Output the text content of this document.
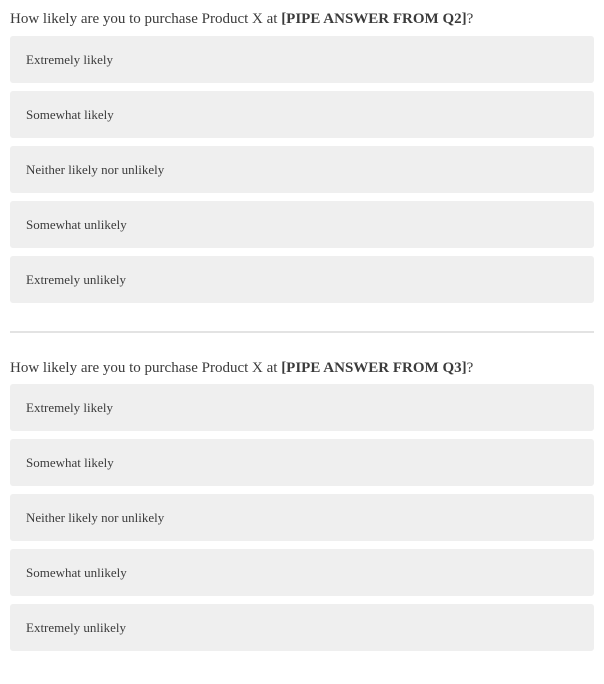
How likely are you to purchase Product X at [PIPE ANSWER FROM Q2]?

Extremely likely
Somewhat likely
Neither likely nor unlikely
Somewhat unlikely
Extremely unlikely

How likely are you to purchase Product X at [PIPE ANSWER FROM Q3]?

Extremely likely
Somewhat likely
Neither likely nor unlikely
Somewhat unlikely
Extremely unlikely
